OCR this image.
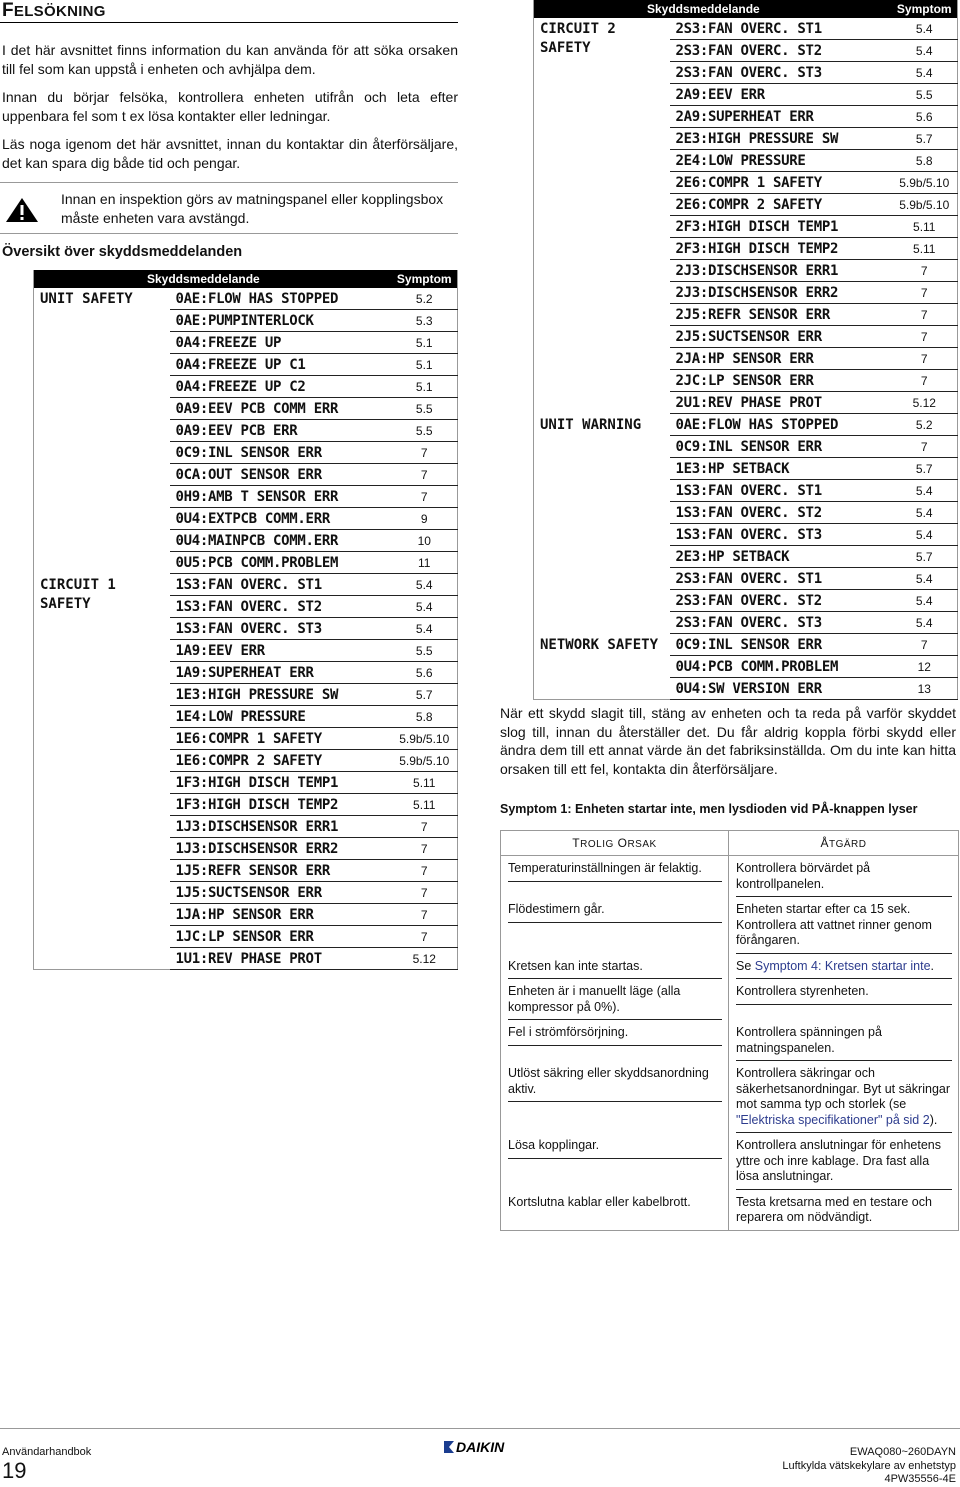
FELSÖKNING

I det här avsnittet finns information du kan använda för att söka orsaken till fel som kan uppstå i enheten och avhjälpa dem.

Innan du börjar felsöka, kontrollera enheten utifrån och leta efter uppenbara fel som t ex lösa kontakter eller ledningar.

Läs noga igenom det här avsnittet, innan du kontaktar din återförsäljare, det kan spara dig både tid och pengar.

Innan en inspektion görs av matningspanel eller kopplingsbox måste enheten vara avstängd.
Översikt över skyddsmeddelanden
Skyddsmeddelande		Symptom
UNIT SAFETY	0AE:FLOW HAS STOPPED	5.2
	0AE:PUMPINTERLOCK	5.3
	0A4:FREEZE UP	5.1
	0A4:FREEZE UP C1	5.1
	0A4:FREEZE UP C2	5.1
	0A9:EEV PCB COMM ERR	5.5
	0A9:EEV PCB ERR	5.5
	0C9:INL SENSOR ERR	7
	0CA:OUT SENSOR ERR	7
	0H9:AMB T SENSOR ERR	7
	0U4:EXTPCB COMM.ERR	9
	0U4:MAINPCB COMM.ERR	10
	0U5:PCB COMM.PROBLEM	11
CIRCUIT 1 SAFETY	1S3:FAN OVERC. ST1	5.4
	1S3:FAN OVERC. ST2	5.4
	1S3:FAN OVERC. ST3	5.4
	1A9:EEV ERR	5.5
	1A9:SUPERHEAT ERR	5.6
	1E3:HIGH PRESSURE SW	5.7
	1E4:LOW PRESSURE	5.8
	1E6:COMPR 1 SAFETY	5.9b/5.10
	1E6:COMPR 2 SAFETY	5.9b/5.10
	1F3:HIGH DISCH TEMP1	5.11
	1F3:HIGH DISCH TEMP2	5.11
	1J3:DISCHSENSOR ERR1	7
	1J3:DISCHSENSOR ERR2	7
	1J5:REFR SENSOR ERR	7
	1J5:SUCTSENSOR ERR	7
	1JA:HP SENSOR ERR	7
	1JC:LP SENSOR ERR	7
	1U1:REV PHASE PROT	5.12
Skyddsmeddelande		Symptom
CIRCUIT 2 SAFETY	2S3:FAN OVERC. ST1	5.4
	2S3:FAN OVERC. ST2	5.4
	2S3:FAN OVERC. ST3	5.4
	2A9:EEV ERR	5.5
	2A9:SUPERHEAT ERR	5.6
	2E3:HIGH PRESSURE SW	5.7
	2E4:LOW PRESSURE	5.8
	2E6:COMPR 1 SAFETY	5.9b/5.10
	2E6:COMPR 2 SAFETY	5.9b/5.10
	2F3:HIGH DISCH TEMP1	5.11
	2F3:HIGH DISCH TEMP2	5.11
	2J3:DISCHSENSOR ERR1	7
	2J3:DISCHSENSOR ERR2	7
	2J5:REFR SENSOR ERR	7
	2J5:SUCTSENSOR ERR	7
	2JA:HP SENSOR ERR	7
	2JC:LP SENSOR ERR	7
	2U1:REV PHASE PROT	5.12
UNIT WARNING	0AE:FLOW HAS STOPPED	5.2
	0C9:INL SENSOR ERR	7
	1E3:HP SETBACK	5.7
	1S3:FAN OVERC. ST1	5.4
	1S3:FAN OVERC. ST2	5.4
	1S3:FAN OVERC. ST3	5.4
	2E3:HP SETBACK	5.7
	2S3:FAN OVERC. ST1	5.4
	2S3:FAN OVERC. ST2	5.4
	2S3:FAN OVERC. ST3	5.4
NETWORK SAFETY	0C9:INL SENSOR ERR	7
	0U4:PCB COMM.PROBLEM	12
	0U4:SW VERSION ERR	13

När ett skydd slagit till, stäng av enheten och ta reda på varför skyddet slog till, innan du återställer det. Du får aldrig koppla förbi skydd eller ändra dem till ett annat värde än det fabriksinställda. Om du inte kan hitta orsaken till ett fel, kontakta din återförsäljare.

Symptom 1: Enheten startar inte, men lysdioden vid PÅ-knappen lyser

TROLIG ORSAK	ÅTGÄRD

Temperaturinställningen är felaktig.	Kontrollera börvärdet på kontrollpanelen.

Flödestimern går.	Enheten startar efter ca 15 sek. Kontrollera att vattnet rinner genom förångaren.

Kretsen kan inte startas.	Se Symptom 4: Kretsen startar inte.

Enheten är i manuellt läge (alla kompressor på 0%).	Kontrollera styrenheten.

Fel i strömförsörjning.	Kontrollera spänningen på matningspanelen.

Utlöst säkring eller skyddsanordning aktiv.	Kontrollera säkringar och säkerhetsanordningar. Byt ut säkringar mot samma typ och storlek (se "Elektriska specifikationer" på sid 2).

Lösa kopplingar.	Kontrollera anslutningar för enhetens yttre och inre kablage. Dra fast alla lösa anslutningar.

Kortslutna kablar eller kabelbrott.	Testa kretsarna med en testare och reparera om nödvändigt.
Användarhandbok
19
DAIKIN	EWAQ080~260DAYN
Luftkylda vätskekylare av enhetstyp
4PW35556-4E
